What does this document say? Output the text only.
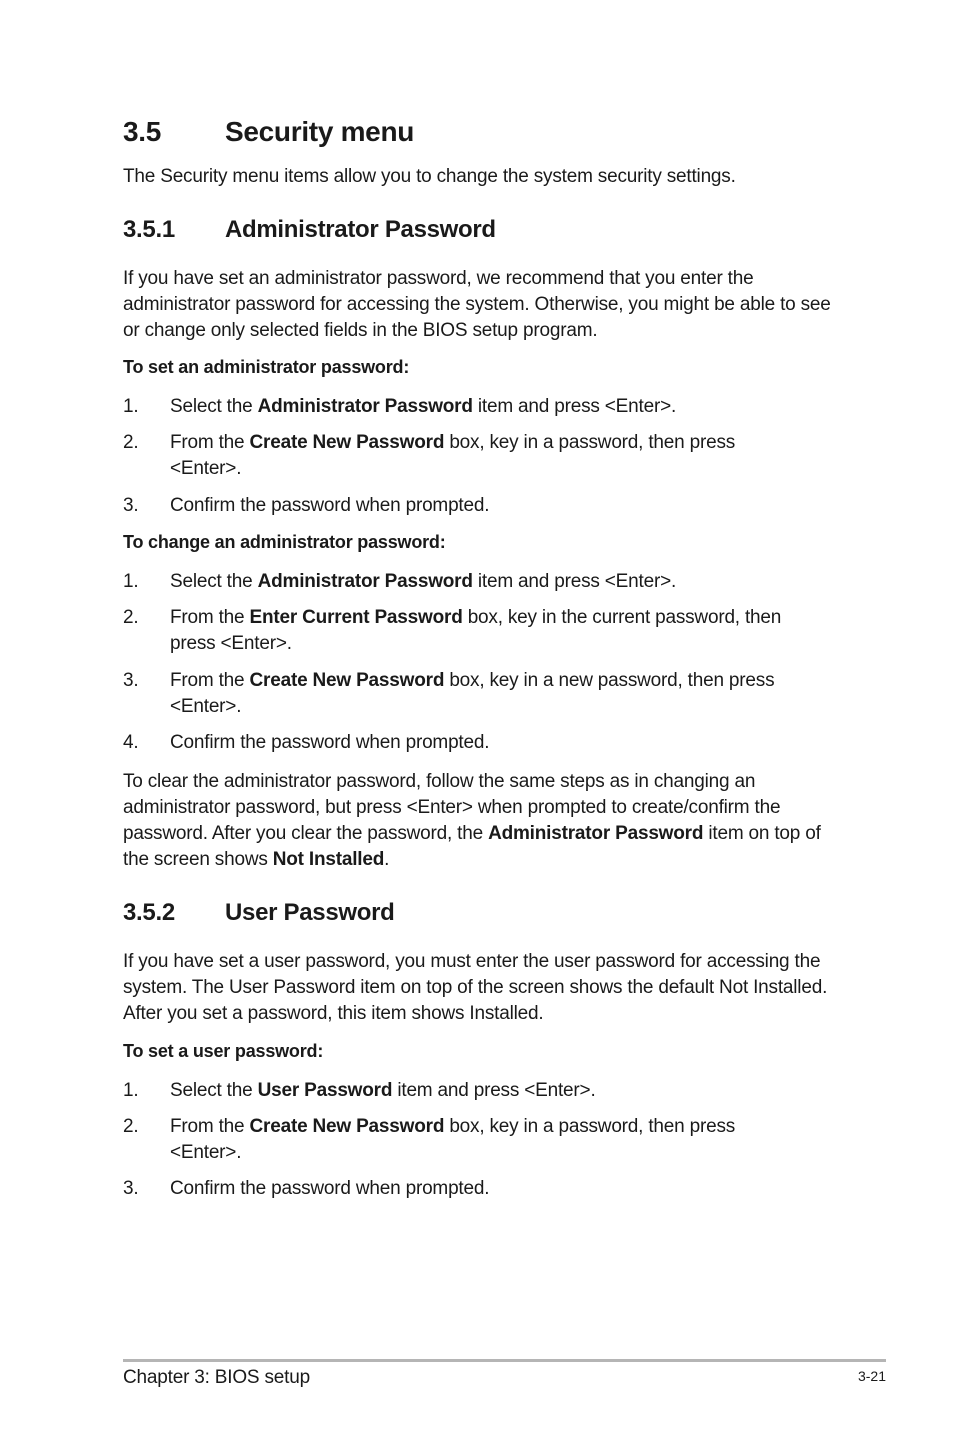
3.5 Security menu
The Security menu items allow you to change the system security settings.
3.5.1 Administrator Password
If you have set an administrator password, we recommend that you enter the administrator password for accessing the system. Otherwise, you might be able to see or change only selected fields in the BIOS setup program.
To set an administrator password:
1. Select the Administrator Password item and press <Enter>.
2. From the Create New Password box, key in a password, then press <Enter>.
3. Confirm the password when prompted.
To change an administrator password:
1. Select the Administrator Password item and press <Enter>.
2. From the Enter Current Password box, key in the current password, then press <Enter>.
3. From the Create New Password box, key in a new password, then press <Enter>.
4. Confirm the password when prompted.
To clear the administrator password, follow the same steps as in changing an administrator password, but press <Enter> when prompted to create/confirm the password. After you clear the password, the Administrator Password item on top of the screen shows Not Installed.
3.5.2 User Password
If you have set a user password, you must enter the user password for accessing the system. The User Password item on top of the screen shows the default Not Installed. After you set a password, this item shows Installed.
To set a user password:
1. Select the User Password item and press <Enter>.
2. From the Create New Password box, key in a password, then press <Enter>.
3. Confirm the password when prompted.
Chapter 3: BIOS setup	3-21
